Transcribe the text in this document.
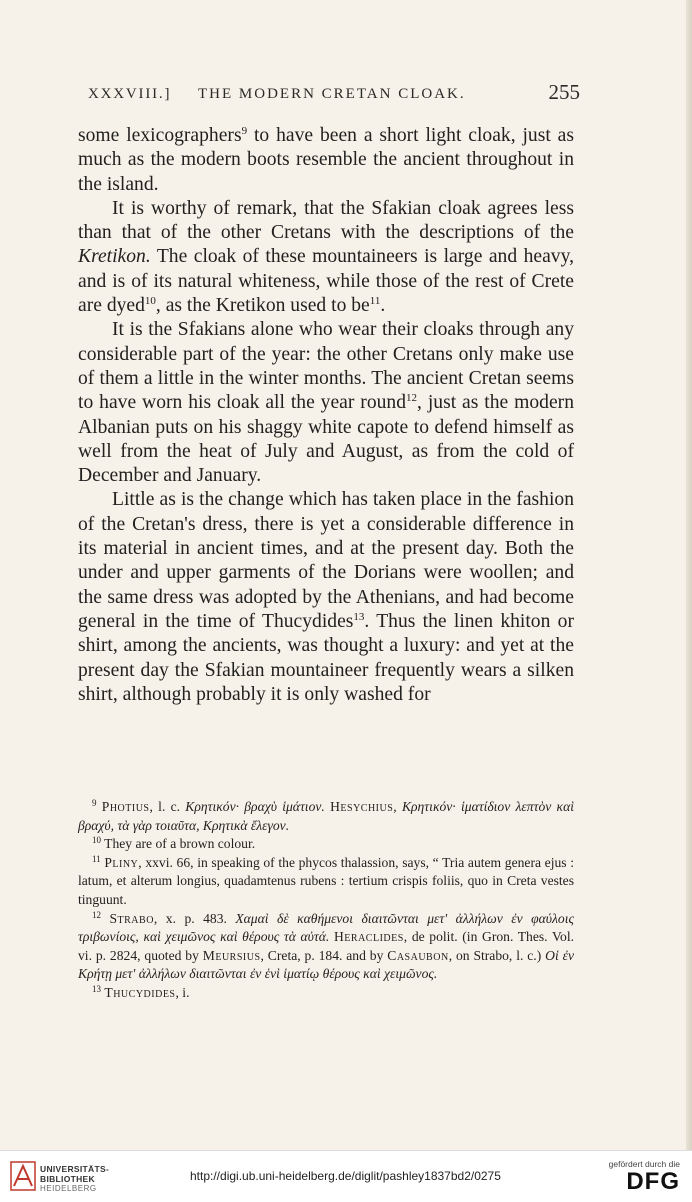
XXXVIII.] THE MODERN CRETAN CLOAK.	255

some lexicographers$^9$ to have been a short light cloak, just as much as the modern boots resemble the ancient throughout in the island.

It is worthy of remark, that the Sfakian cloak agrees less than that of the other Cretans with the descriptions of the Kretikon. The cloak of these mountaineers is large and heavy, and is of its natural whiteness, while those of the rest of Crete are dyed$^{10}$, as the Kretikon used to $be^{11}$.

It is the Sfakians alone who wear their cloaks through any considerable part of the year: the other Cretans only make use of them a little in the winter months. The ancient Cretan seems to have worn his cloak all the year round$^{12}$, just as the modern Albanian puts on his shaggy white capote to defend himself as well from the heat of July and August, as from the cold of December and January.

Little as is the change which has taken place in the fashion of the Cretan's dress, there is yet a considerable difference in its material in ancient times, and at the present day. Both the under and upper garments of the Dorians were woollen; and the same dress was adopted by the Athenians, and had become general in the time of Thucydides$^{13}$. Thus the linen khiton or shirt, among the ancients, was thought a luxury: and yet at the present day the Sfakian mountaineer frequently wears a silken shirt, although probably it is only washed for

$^9$ Photius, l. c. Κρητικόν· βραχὺ ἱμάτιον. Hesychius, Κρητικόν· ἱματίδιον λεπτὸν καὶ βραχύ, τὰ γὰρ τοιαῦτα, Κρητικὰ ἔλεγον.

$^{10}$ They are of a brown colour.

$^{11}$ Pliny, xxvi. 66, in speaking of the phycos thalassion, says, “ Tria autem genera ejus : latum, et alterum longius, quadamtenus rubens : tertium crispis foliis, quo in Creta vestes tinguunt.

$^{12}$ Strabo, x. p. 483. Χαμαὶ δὲ καθήμενοι διαιτῶνται μετ' ἀλλήλων ἐν φαύλοις τριβωνίοις, καὶ χειμῶνος καὶ θέρους τὰ αὐτά. Heraclides, de polit. (in Gron. Thes. Vol. vi. p. 2824, quoted by Meursius, Creta, p. 184. and by Casaubon, on Strabo, l. c.) Οἱ ἐν Κρήτῃ μετ' ἀλλήλων διαιτῶνται ἐν ἑνὶ ἱματίῳ θέρους καὶ χειμῶνος.

$^{13}$ Thucydides, i.

UNIVERSITÄTS-
BIBLIOTHEK
HEIDELBERG
http://digi.ub.uni-heidelberg.de/diglit/pashley1837bd2/0275
gefördert durch die
DFG
